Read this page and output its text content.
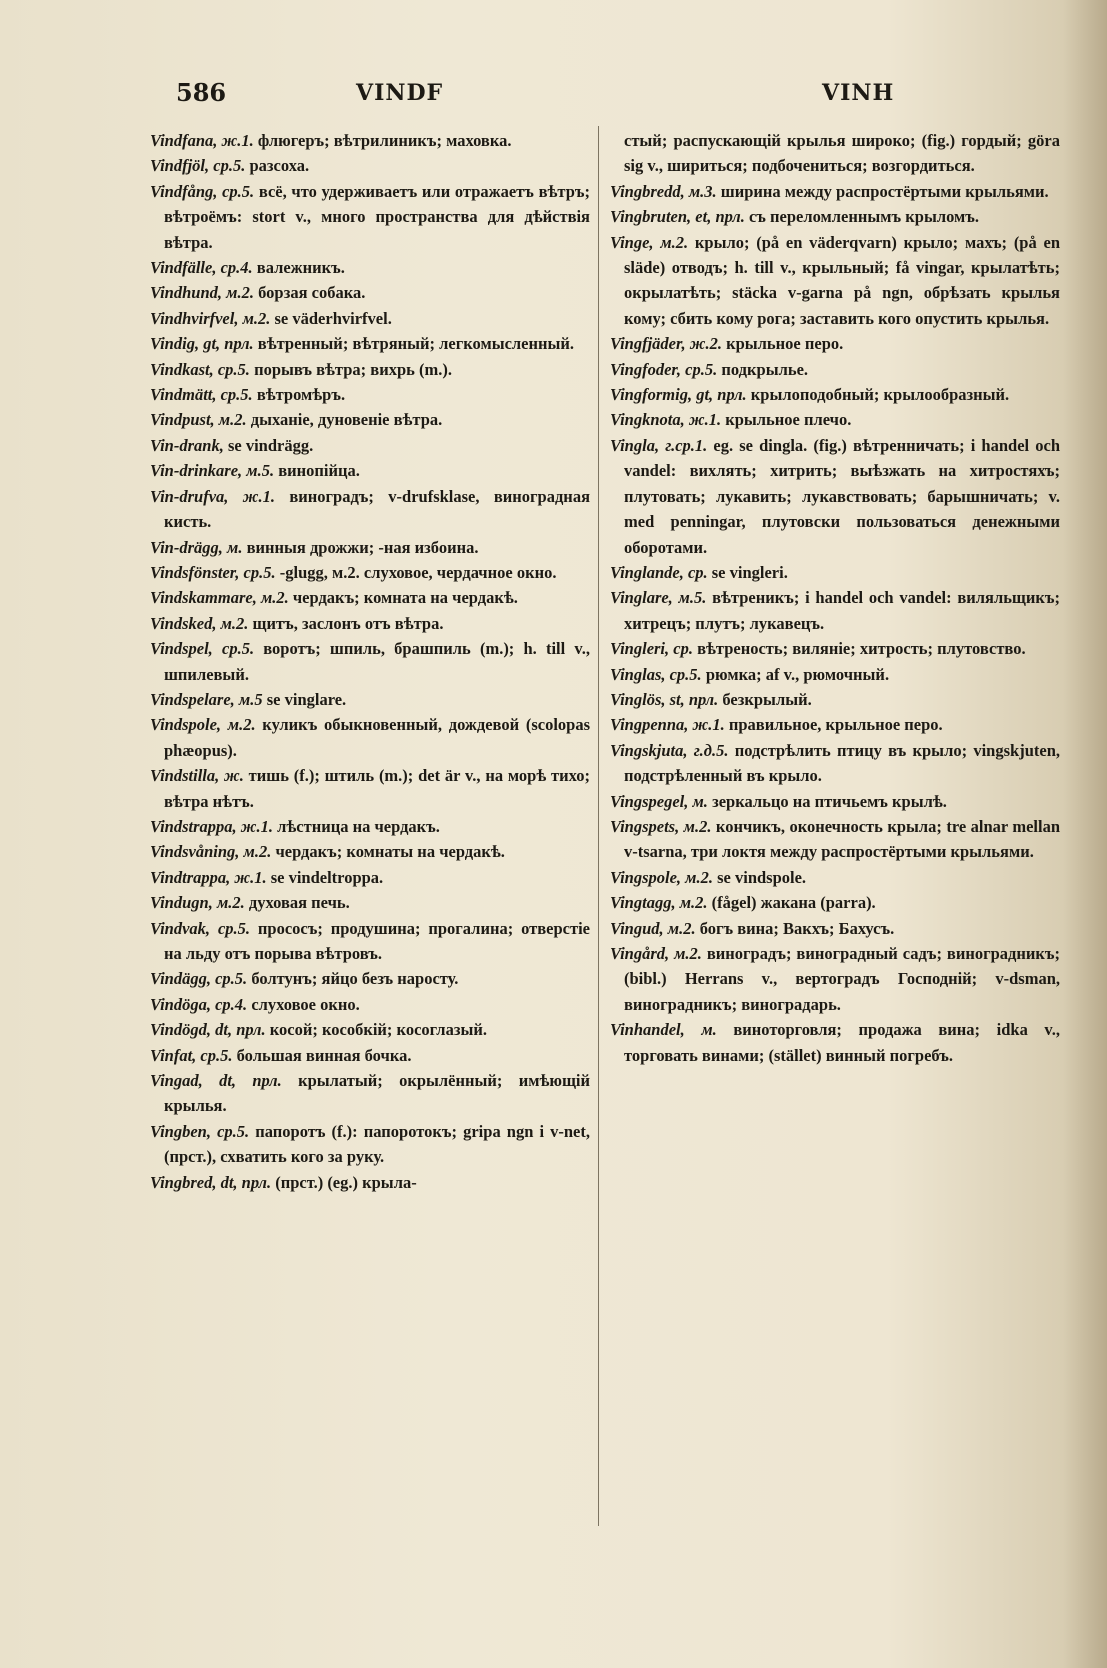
586	VINDF	VINH

Vindfana, ж.1. флюгеръ; вѣтрилиникъ; маховка.

Vindfjöl, ср.5. разсоха.

Vindfång, ср.5. всё, что удерживаетъ или отражаетъ вѣтръ; вѣтроёмъ: stort v., много пространства для дѣйствія вѣтра.

Vindfälle, ср.4. валежникъ.

Vindhund, м.2. борзая собака.

Vindhvirfvel, м.2. se väderhvirfvel.

Vindig, gt, прл. вѣтренный; вѣтряный; легкомысленный.

Vindkast, ср.5. порывъ вѣтра; вихрь (m.).

Vindmätt, ср.5. вѣтромѣръ.

Vindpust, м.2. дыханіе, дуновеніе вѣтра.

Vin-drank, se vindrägg.

Vin-drinkare, м.5. винопійца.

Vin-drufva, ж.1. виноградъ; v-drufsklase, виноградная кисть.

Vin-drägg, м. винныя дрожжи; -ная избоина.

Vindsfönster, ср.5. -glugg, м.2. слуховое, чердачное окно.

Vindskammare, м.2. чердакъ; комната на чердакѣ.

Vindsked, м.2. щитъ, заслонъ отъ вѣтра.

Vindspel, ср.5. воротъ; шпиль, брашпиль (m.); h. till v., шпилевый.

Vindspelare, м.5 se vinglare.

Vindspole, м.2. куликъ обыкновенный, дождевой (scolopas phæopus).

Vindstilla, ж. тишь (f.); штиль (m.); det är v., на морѣ тихо; вѣтра нѣтъ.

Vindstrappa, ж.1. лѣстница на чердакъ.

Vindsvåning, м.2. чердакъ; комнаты на чердакѣ.

Vindtrappa, ж.1. se vindeltroppa.

Vindugn, м.2. духовая печь.

Vindvak, ср.5. прососъ; продушина; прогалина; отверстіе на льду отъ порыва вѣтровъ.

Vindägg, ср.5. болтунъ; яйцо безъ наросту.

Vindöga, ср.4. слуховое окно.

Vindögd, dt, прл. косой; кособкій; косоглазый.

Vinfat, ср.5. большая винная бочка.

Vingad, dt, прл. крылатый; окрылённый; имѣющій крылья.

Vingben, ср.5. папоротъ (f.): папоротокъ; gripa ngn i v-net, (прст.), схватить кого за руку.

Vingbred, dt, прл. (прст.) (eg.) крыла-

стый; распускающій крылья широко; (fig.) гордый; göra sig v., шириться; подбочениться; возгордиться.

Vingbredd, м.3. ширина между распростёртыми крыльями.

Vingbruten, et, прл. съ переломленнымъ крыломъ.

Vinge, м.2. крыло; (på en väderqvarn) крыло; махъ; (på en släde) отводъ; h. till v., крыльный; få vingar, крылатѣть; окрылатѣть; stäcka v-garna på ngn, обрѣзать крылья кому; сбить кому рога; заставить кого опустить крылья.

Vingfjäder, ж.2. крыльное перо.

Vingfoder, ср.5. подкрылье.

Vingformig, gt, прл. крылоподобный; крылообразный.

Vingknota, ж.1. крыльное плечо.

Vingla, г.ср.1. eg. se dingla. (fig.) вѣтренничать; i handel och vandel: вихлять; хитрить; выѣзжать на хитростяхъ; плутовать; лукавить; лукавствовать; барышничать; v. med penningar, плутовски пользоваться денежными оборотами.

Vinglande, ср. se vingleri.

Vinglare, м.5. вѣтреникъ; i handel och vandel: виляльщикъ; хитрецъ; плутъ; лукавецъ.

Vingleri, ср. вѣтреность; виляніе; хитрость; плутовство.

Vinglas, ср.5. рюмка; af v., рюмочный.

Vinglös, st, прл. безкрылый.

Vingpenna, ж.1. правильное, крыльное перо.

Vingskjuta, г.д.5. подстрѣлить птицу въ крыло; vingskjuten, подстрѣленный въ крыло.

Vingspegel, м. зеркальцо на птичьемъ крылѣ.

Vingspets, м.2. кончикъ, оконечность крыла; tre alnar mellan v-tsarna, три локтя между распростёртыми крыльями.

Vingspole, м.2. se vindspole.

Vingtagg, м.2. (fågel) жакана (parra).

Vingud, м.2. богъ вина; Вакхъ; Бахусъ.

Vingård, м.2. виноградъ; виноградный садъ; виноградникъ; (bibl.) Herrans v., вертоградъ Господній; v-dsman, виноградникъ; виноградарь.

Vinhandel, м. виноторговля; продажа вина; idka v., торговать винами; (stället) винный погребъ.
